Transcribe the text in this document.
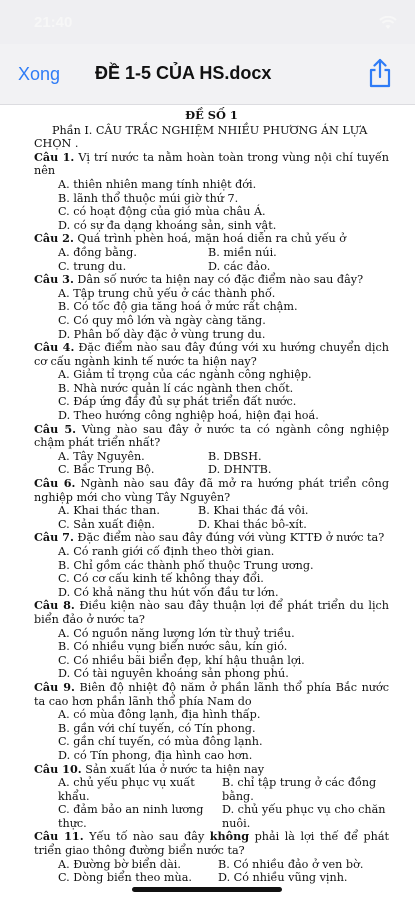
21:40
Xong ĐỀ 1-5 CỦA HS.docx

ĐỀ SỐ 1

Phần I. CÂU TRẮC NGHIỆM NHIỀU PHƯƠNG ÁN LỰA CHỌN .

Câu 1. Vị trí nước ta nằm hoàn toàn trong vùng nội chí tuyến nên

A. thiên nhiên mang tính nhiệt đới.

B. lãnh thổ thuộc múi giờ thứ 7.

C. có hoạt động của gió mùa châu Á.

D. có sự đa dạng khoáng sản, sinh vật.

Câu 2. Quá trình phèn hoá, mặn hoá diễn ra chủ yếu ở

A. đồng bằng.	B. miền núi.
C. trung du.	D. các đảo.

Câu 3. Dân số nước ta hiện nay có đặc điểm nào sau đây?

A. Tập trung chủ yếu ở các thành phố.

B. Có tốc độ gia tăng hoá ở mức rất chậm.

C. Có quy mô lớn và ngày càng tăng.

D. Phân bố dày đặc ở vùng trung du.

Câu 4. Đặc điểm nào sau đây đúng với xu hướng chuyển dịch cơ cấu ngành kinh tế nước ta hiện nay?

A. Giảm tỉ trọng của các ngành công nghiệp.

B. Nhà nước quản lí các ngành then chốt.

C. Đáp ứng đầy đủ sự phát triển đất nước.

D. Theo hướng công nghiệp hoá, hiện đại hoá.

Câu 5. Vùng nào sau đây ở nước ta có ngành công nghiệp chậm phát triển nhất?

A. Tây Nguyên.	B. DBSH.
C. Bắc Trung Bộ.	D. DHNTB.

Câu 6. Ngành nào sau đây đã mở ra hướng phát triển công nghiệp mới cho vùng Tây Nguyên?

A. Khai thác than.	B. Khai thác đá vôi.
C. Sản xuất điện.	D. Khai thác bô-xít.

Câu 7. Đặc điểm nào sau đây đúng với vùng KTTĐ ở nước ta?

A. Có ranh giới cố định theo thời gian.

B. Chỉ gồm các thành phố thuộc Trung ương.

C. Có cơ cấu kinh tế không thay đổi.

D. Có khả năng thu hút vốn đầu tư lớn.

Câu 8. Điều kiện nào sau đây thuận lợi để phát triển du lịch biển đảo ở nước ta?

A. Có nguồn năng lượng lớn từ thuỷ triều.

B. Có nhiều vụng biển nước sâu, kín gió.

C. Có nhiều bãi biển đẹp, khí hậu thuận lợi.

D. Có tài nguyên khoáng sản phong phú.

Câu 9. Biên độ nhiệt độ năm ở phần lãnh thổ phía Bắc nước ta cao hơn phần lãnh thổ phía Nam do

A. có mùa đông lạnh, địa hình thấp.

B. gần với chí tuyến, có Tín phong.

C. gần chí tuyến, có mùa đông lạnh.

D. có Tín phong, địa hình cao hơn.

Câu 10. Sản xuất lúa ở nước ta hiện nay

A. chủ yếu phục vụ xuất khẩu.
B. chỉ tập trung ở các đồng bằng.
C. đảm bảo an ninh lương thực.
D. chủ yếu phục vụ cho chăn nuôi.

Câu 11. Yếu tố nào sau đây không phải là lợi thế để phát triển giao thông đường biển nước ta?

A. Đường bờ biển dài.	B. Có nhiều đảo ở ven bờ.
C. Dòng biển theo mùa.	D. Có nhiều vũng vịnh.
